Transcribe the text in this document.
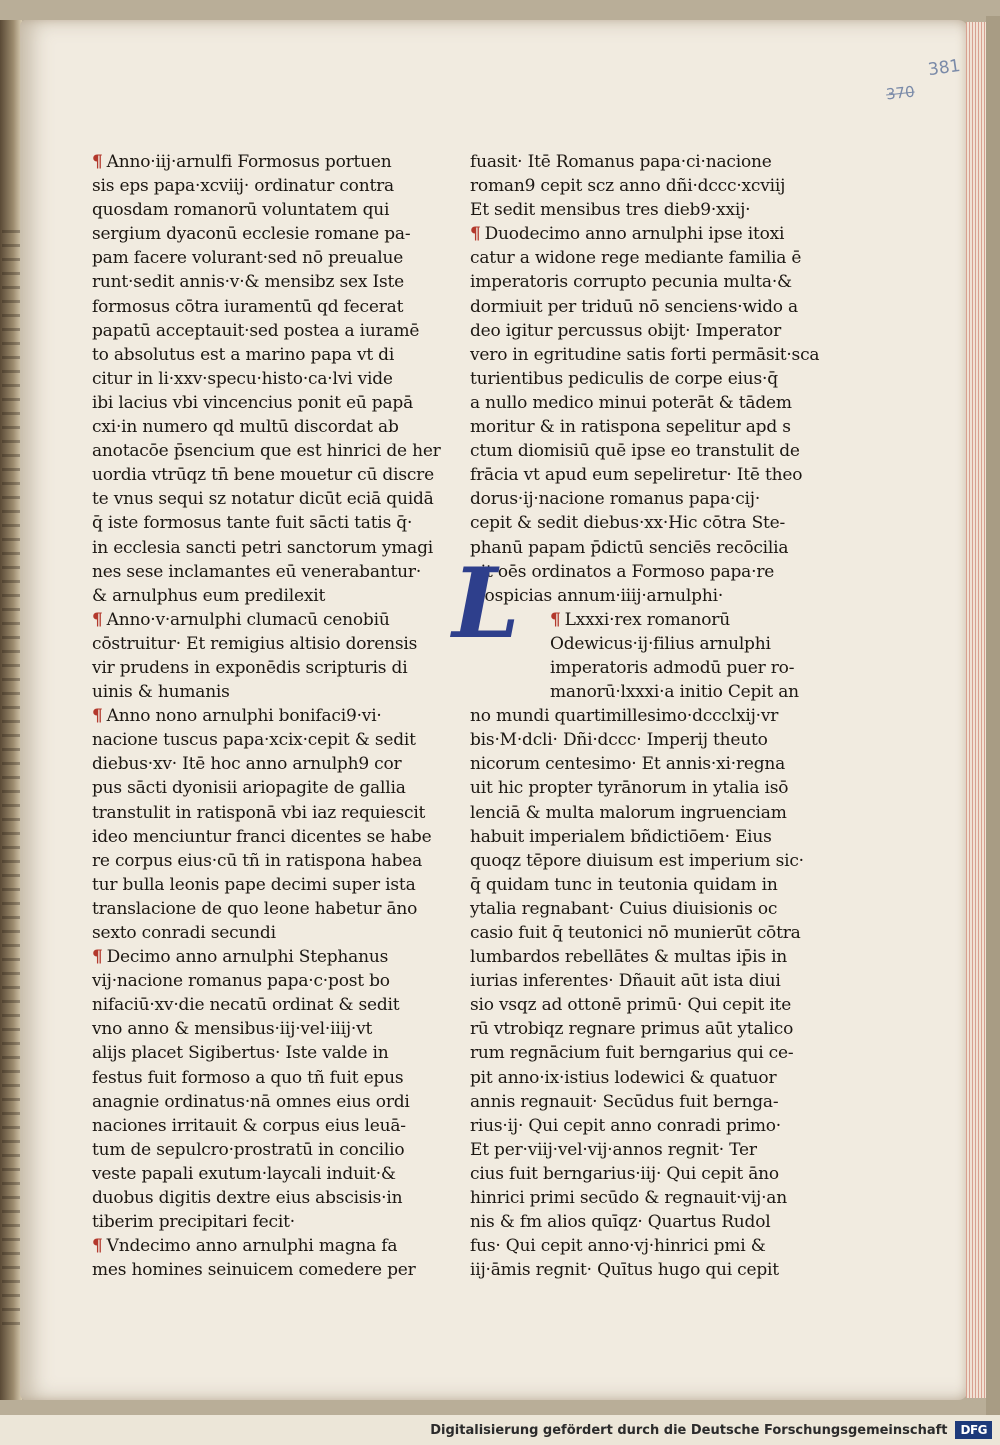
381
370
¶ Anno·iij·arnulfi Formosus portuen
sis eps papa·xcviij· ordinatur contra
quosdam romanorū voluntatem qui
sergium dyaconū ecclesie romane pa-
pam facere volurant·sed nō preualue
runt·sedit annis·v·& mensibz sex Iste
formosus cōtra iuramentū qd fecerat
papatū acceptauit·sed postea a iuramē
to absolutus est a marino papa vt di
citur in li·xxv·specu·histo·ca·lvi vide
ibi lacius vbi vincencius ponit eū papā
cxi·in numero qd multū discordat ab
anotacōe p̄sencium que est hinrici de her
uordia vtrūqz tn̄ bene mouetur cū discre
te vnus sequi sz notatur dicūt eciā quidā
q̄ iste formosus tante fuit sācti tatis q̄·
in ecclesia sancti petri sanctorum ymagi
nes sese inclamantes eū venerabantur·
& arnulphus eum predilexit
¶ Anno·v·arnulphi clumacū cenobiū
cōstruitur· Et remigius altisio dorensis
vir prudens in exponēdis scripturis di
uinis & humanis
¶ Anno nono arnulphi bonifaci9·vi·
nacione tuscus papa·xcix·cepit & sedit
diebus·xv· Itē hoc anno arnulph9 cor
pus sācti dyonisii ariopagite de gallia
transtulit in ratisponā vbi iaz requiescit
ideo menciuntur franci dicentes se habe
re corpus eius·cū tñ in ratispona habea
tur bulla leonis pape decimi super ista
translacione de quo leone habetur āno
sexto conradi secundi
¶ Decimo anno arnulphi Stephanus
vij·nacione romanus papa·c·post bo
nifaciū·xv·die necatū ordinat & sedit
vno anno & mensibus·iij·vel·iiij·vt
alijs placet Sigibertus· Iste valde in
festus fuit formoso a quo tñ fuit epus
anagnie ordinatus·nā omnes eius ordi
naciones irritauit & corpus eius leuā-
tum de sepulcro·prostratū in concilio
veste papali exutum·laycali induit·&
duobus digitis dextre eius abscisis·in
tiberim precipitari fecit·
¶ Vndecimo anno arnulphi magna fa
mes homines seinuicem comedere per
fuasit· Itē Romanus papa·ci·nacione
roman9 cepit scz anno dñi·dccc·xcviij
Et sedit mensibus tres dieb9·xxij·
¶ Duodecimo anno arnulphi ipse itoxi
catur a widone rege mediante familia ē
imperatoris corrupto pecunia multa·&
dormiuit per triduū nō senciens·wido a
deo igitur percussus obijt· Imperator
vero in egritudine satis forti permāsit·sca
turientibus pediculis de corpe eius·q̄
a nullo medico minui poterāt & tādem
moritur & in ratispona sepelitur apd s
ctum diomisiū quē ipse eo transtulit de
frācia vt apud eum sepeliretur· Itē theo
dorus·ij·nacione romanus papa·cij·
cepit & sedit diebus·xx·Hic cōtra Ste-
phanū papam p̄dictū senciēs recōcilia
uit oēs ordinatos a Formoso papa·re
trospicias annum·iiij·arnulphi·
¶ Lxxxi·rex romanorū
Odewicus·ij·filius arnulphi
imperatoris admodū puer ro-
manorū·lxxxi·a initio Cepit an
no mundi quartimillesimo·dccclxij·vr
bis·M·dcli· Dñi·dccc· Imperij theuto
nicorum centesimo· Et annis·xi·regna
uit hic propter tyrānorum in ytalia isō
lenciā & multa malorum ingruenciam
habuit imperialem bñdictiōem· Eius
quoqz tēpore diuisum est imperium sic·
q̄ quidam tunc in teutonia quidam in
ytalia regnabant· Cuius diuisionis oc
casio fuit q̄ teutonici nō munierūt cōtra
lumbardos rebellātes & multas ip̄is in
iurias inferentes· Dñauit aūt ista diui
sio vsqz ad ottonē primū· Qui cepit ite
rū vtrobiqz regnare primus aūt ytalico
rum regnācium fuit berngarius qui ce-
pit anno·ix·istius lodewici & quatuor
annis regnauit· Secūdus fuit bernga-
rius·ij· Qui cepit anno conradi primo·
Et per·viij·vel·vij·annos regnit· Ter
cius fuit berngarius·iij· Qui cepit āno
hinrici primi secūdo & regnauit·vij·an
nis & fm alios quīqz· Quartus Rudol
fus· Qui cepit anno·vj·hinrici pmi &
iij·āmis regnit· Quītus hugo qui cepit
L
Digitalisierung gefördert durch die Deutsche Forschungsgemeinschaft	DFG
